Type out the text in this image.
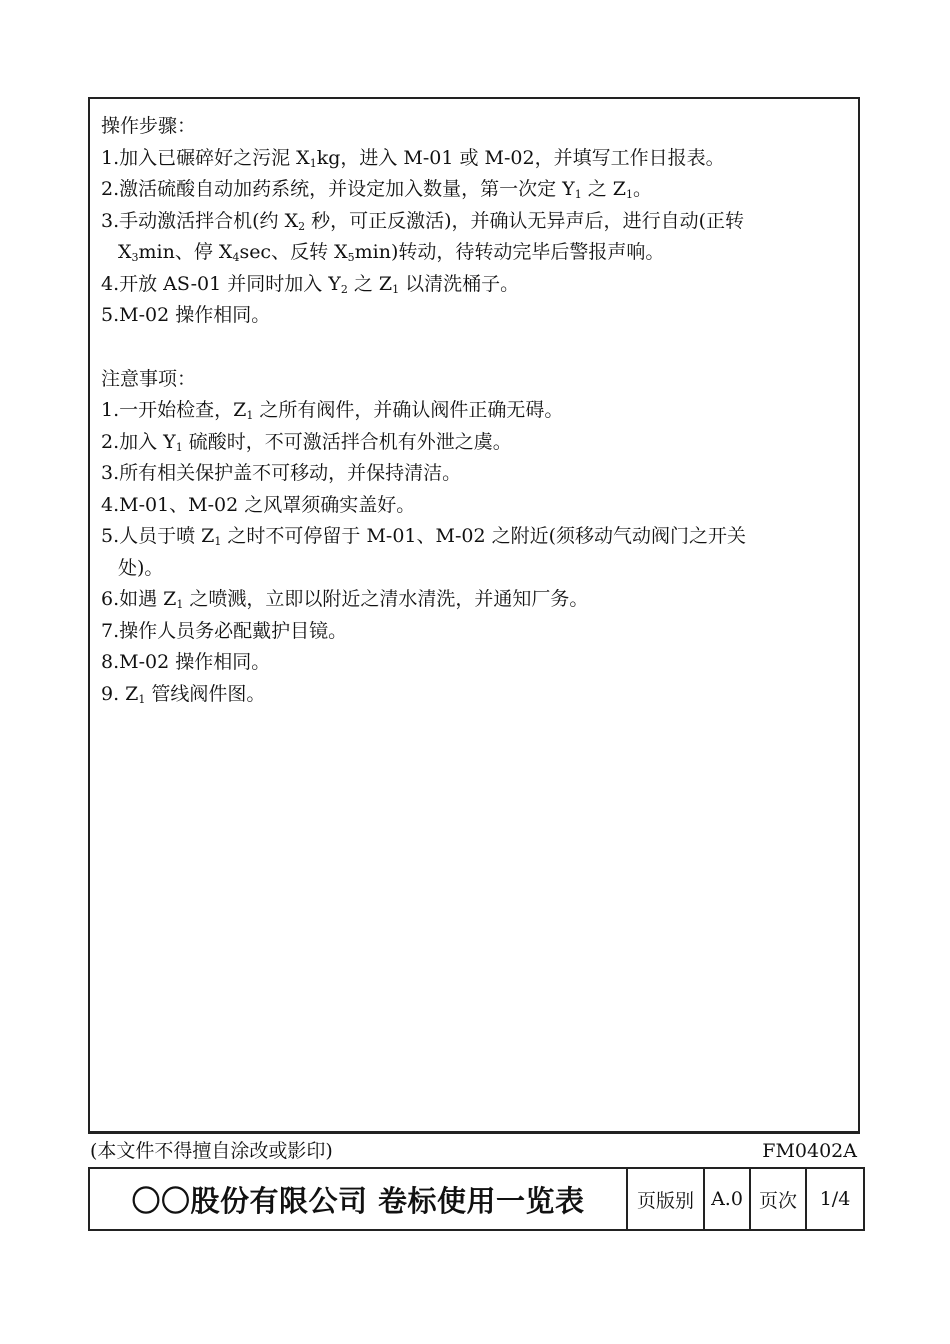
操作步骤：
1.加入已碾碎好之污泥 $X_1kg$，进入 M-01 或 M-02，并填写工作日报表。
2.激活硫酸自动加药系统，并设定加入数量，第一次定 $Y_1$ 之 $Z_1$。
3.手动激活拌合机(约 $X_2$ 秒，可正反激活)，并确认无异声后，进行自动(正转
$X_3\min$、停 $X_4\sec$、反转 $X_5\min$)转动，待转动完毕后警报声响。
4.开放 AS-01 并同时加入 $Y_2$ 之 $Z_1$ 以清洗桶子。
5.M-02 操作相同。
注意事项：
1.一开始检查，$Z_1$ 之所有阀件，并确认阀件正确无碍。
2.加入 $Y_1$ 硫酸时，不可激活拌合机有外泄之虞。
3.所有相关保护盖不可移动，并保持清洁。
4.M-01、M-02 之风罩须确实盖好。
5.人员于喷 $Z_1$ 之时不可停留于 M-01、M-02 之附近(须移动气动阀门之开关
处)。
6.如遇 $Z_1$ 之喷溅，立即以附近之清水清洗，并通知厂务。
7.操作人员务必配戴护目镜。
8.M-02 操作相同。
9. $Z_1$ 管线阀件图。
(本文件不得擅自涂改或影印)	FM0402A
〇〇股份有限公司 卷标使用一览表	页版别	A.0	页次	1/4
